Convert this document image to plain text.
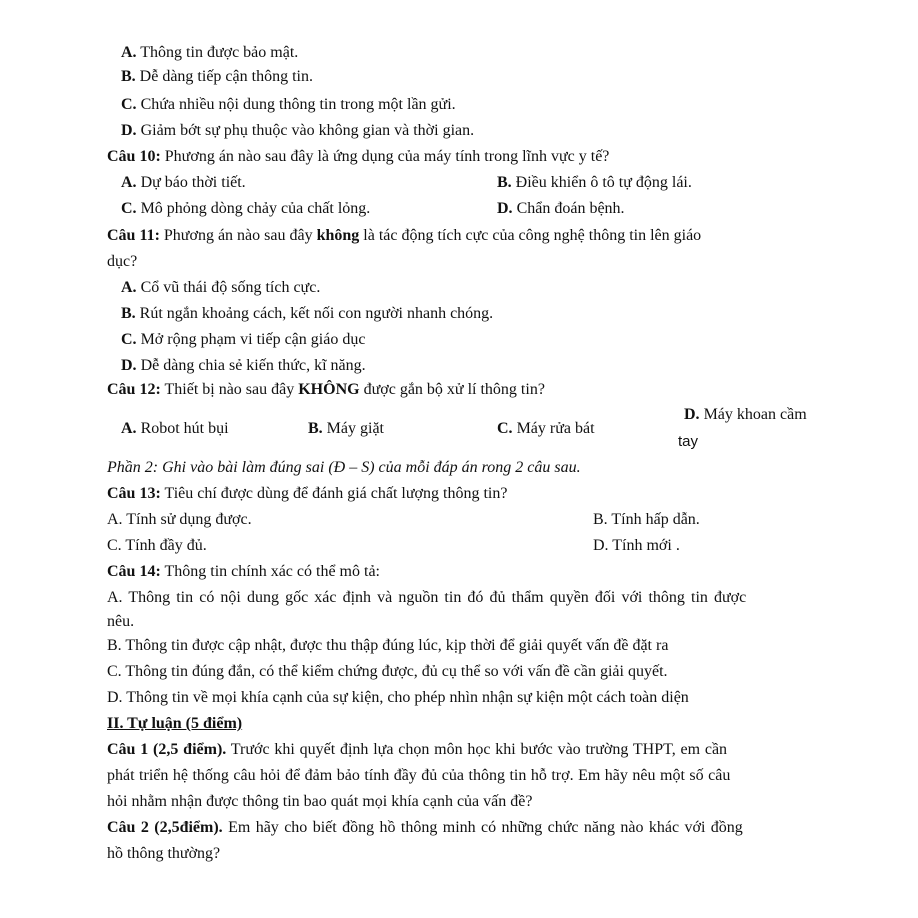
A. Thông tin được bảo mật.
B. Dễ dàng tiếp cận thông tin.
C. Chứa nhiều nội dung thông tin trong một lần gửi.
D. Giảm bớt sự phụ thuộc vào không gian và thời gian.
Câu 10: Phương án nào sau đây là ứng dụng của máy tính trong lĩnh vực y tế?
A. Dự báo thời tiết.	B. Điều khiển ô tô tự động lái.
C. Mô phỏng dòng chảy của chất lỏng.	D. Chẩn đoán bệnh.
Câu 11: Phương án nào sau đây không là tác động tích cực của công nghệ thông tin lên giáo
dục?
A. Cổ vũ thái độ sống tích cực.
B. Rút ngắn khoảng cách, kết nối con người nhanh chóng.
C. Mở rộng phạm vi tiếp cận giáo dục
D. Dễ dàng chia sẻ kiến thức, kĩ năng.
Câu 12: Thiết bị nào sau đây KHÔNG được gắn bộ xử lí thông tin?
A. Robot hút bụi	B. Máy giặt	C. Máy rửa bát
D. Máy khoan cầm
tay
Phần 2: Ghi vào bài làm đúng sai (Đ – S) của mỗi đáp án rong 2 câu sau.
Câu 13: Tiêu chí được dùng để đánh giá chất lượng thông tin?
A. Tính sử dụng được.	B. Tính hấp dẫn.
C. Tính đầy đủ.	D. Tính mới .
Câu 14: Thông tin chính xác có thể mô tả:
A. Thông tin có nội dung gốc xác định và nguồn tin đó đủ thẩm quyền đối với thông tin được
nêu.
B. Thông tin được cập nhật, được thu thập đúng lúc, kịp thời để giải quyết vấn đề đặt ra
C. Thông tin đúng đắn, có thể kiểm chứng được, đủ cụ thể so với vấn đề cần giải quyết.
D. Thông tin về mọi khía cạnh của sự kiện, cho phép nhìn nhận sự kiện một cách toàn diện
II. Tự luận (5 điểm)
Câu 1 (2,5 điểm). Trước khi quyết định lựa chọn môn học khi bước vào trường THPT, em cần
phát triển hệ thống câu hỏi để đảm bảo tính đầy đủ của thông tin hỗ trợ. Em hãy nêu một số câu
hỏi nhằm nhận được thông tin bao quát mọi khía cạnh của vấn đề?
Câu 2 (2,5điểm). Em hãy cho biết đồng hồ thông minh có những chức năng nào khác với đồng
hồ thông thường?
